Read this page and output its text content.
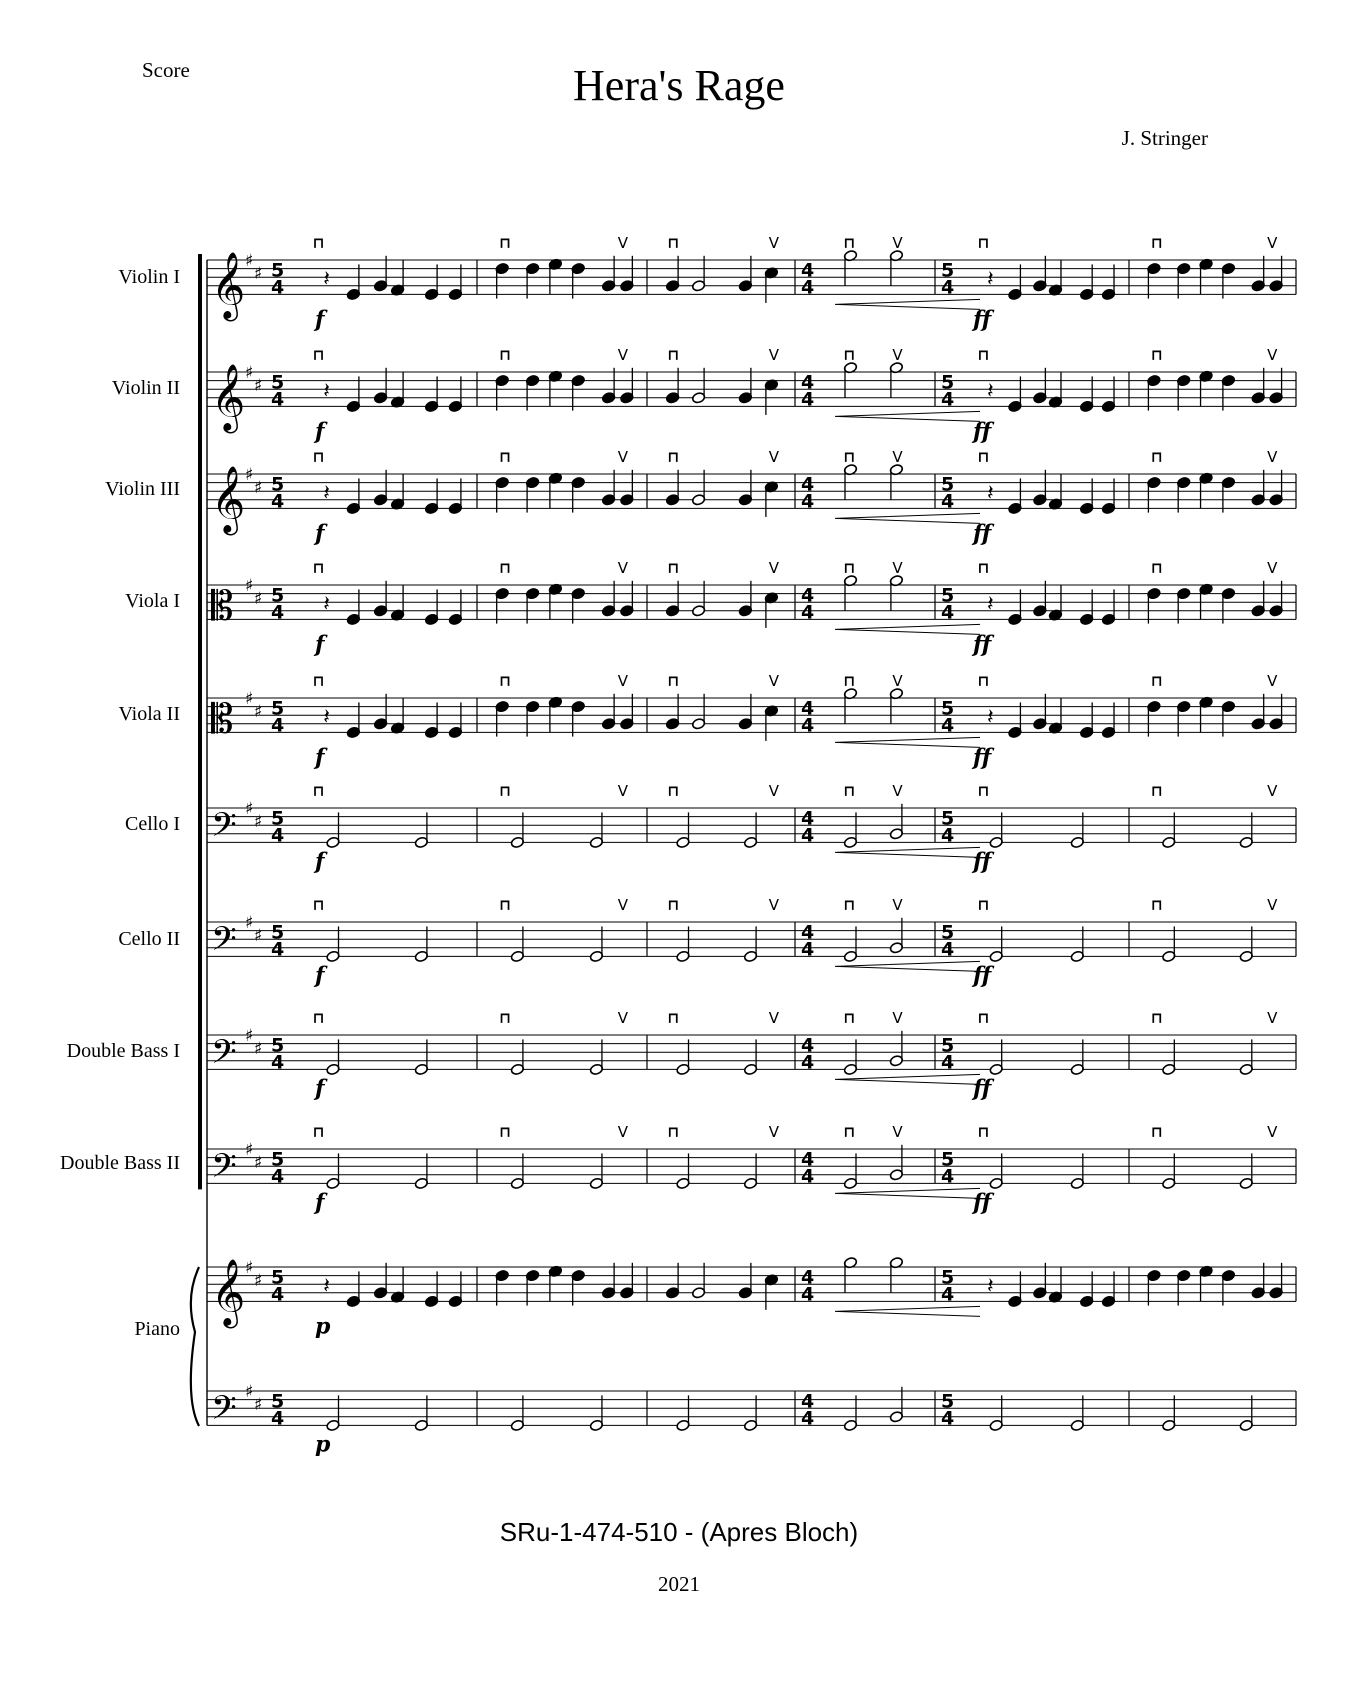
Score	Hera's Rage
J. Stringer
Violin I
Violin II
Violin III
Viola I
Viola II
Cello I
Cello II
Double Bass I
Double Bass II
Piano
𝄞 ♯
♯ 5
4
4
4
5
4
𝄽
⊓	⊓	V	⊓	V	⊓ V
𝄽
⊓	⊓	V
f	ff
𝄞 ♯
♯ 5
4
4
4
5
4
𝄽
⊓	⊓	V	⊓	V	⊓ V
𝄽
⊓	⊓	V
f	ff
𝄞 ♯
♯ 5
4
4
4
5
4
𝄽
⊓	⊓	V	⊓	V	⊓ V
𝄽
⊓	⊓	V
f	ff
𝄡 ♯
♯ 5
4
4
4
5
4
𝄽
⊓	⊓	V	⊓	V	⊓ V
𝄽
⊓	⊓	V
f	ff
𝄡 ♯
♯ 5
4
4
4
5
4
𝄽
⊓	⊓	V	⊓	V	⊓ V
𝄽
⊓	⊓	V
f	ff
𝄢 ♯
♯ 5
4
4
4
5
4
⊓	⊓	V	⊓	V	⊓ V	⊓	⊓	V
f	ff
𝄢 ♯
♯ 5
4
4
4
5
4
⊓	⊓	V	⊓	V	⊓ V	⊓	⊓	V
f	ff
𝄢 ♯
♯ 5
4
4
4
5
4
⊓	⊓	V	⊓	V	⊓ V	⊓	⊓	V
f	ff
𝄢 ♯
♯ 5
4
4
4
5
4
⊓	⊓	V	⊓	V	⊓ V	⊓	⊓	V
f	ff
𝄞 ♯
♯ 5
4
4
4
5
4
𝄽	𝄽
p
𝄢 ♯
♯ 5
4
4
4
5
4
p
SRu-1-474-510 - (Apres Bloch)
2021
